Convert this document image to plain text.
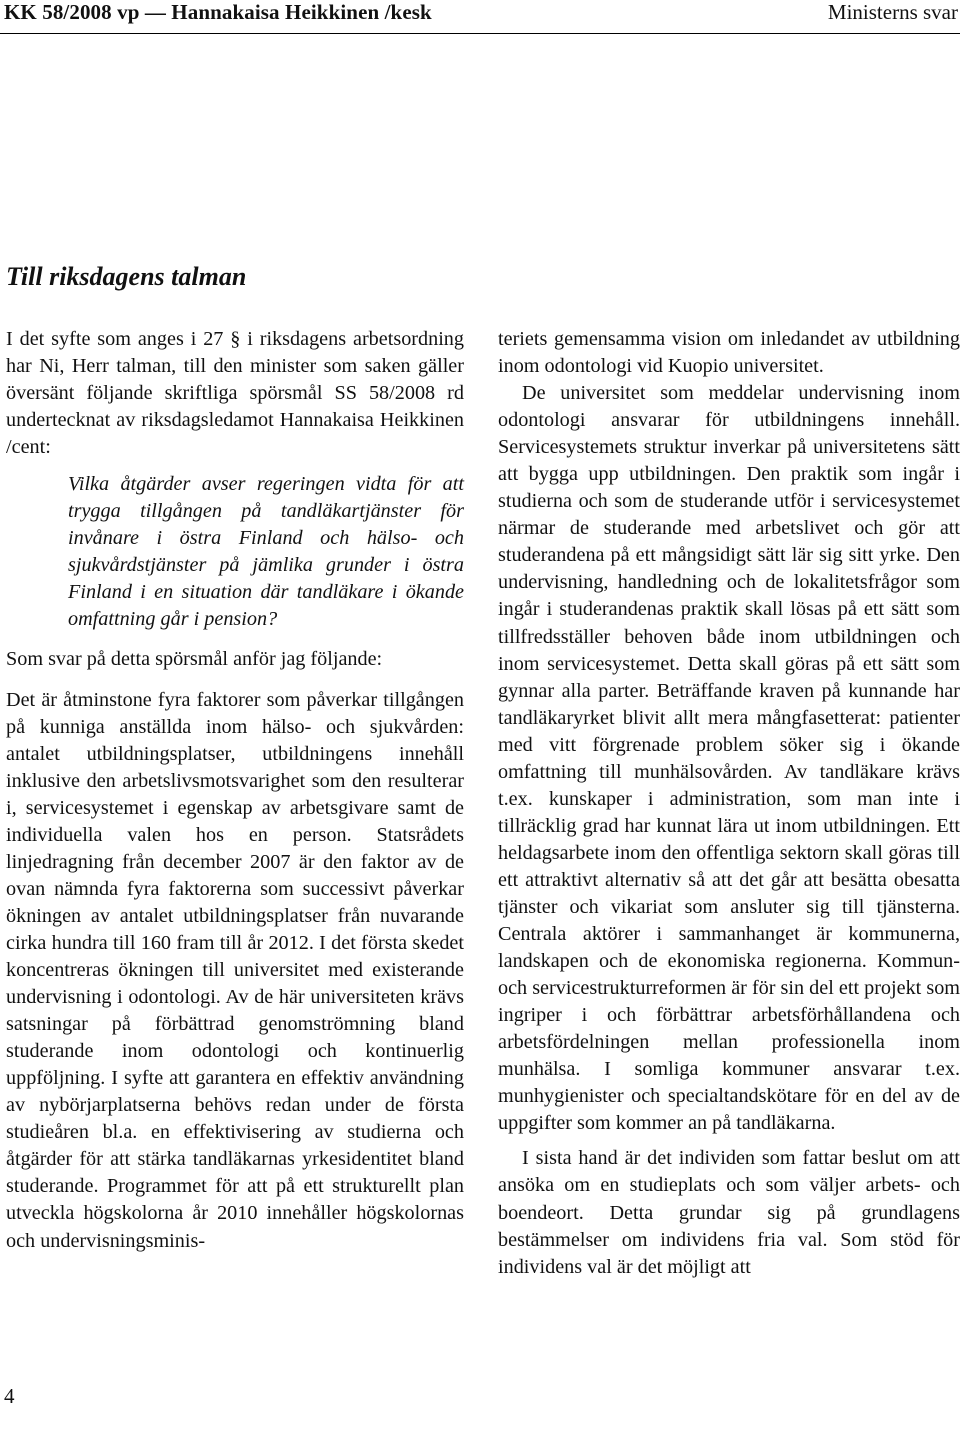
KK 58/2008 vp — Hannakaisa Heikkinen /kesk	Ministerns svar
Till riksdagens talman

I det syfte som anges i 27 § i riksdagens arbetsordning har Ni, Herr talman, till den minister som saken gäller översänt följande skriftliga spörsmål SS 58/2008 rd undertecknat av riksdagsledamot Hannakaisa Heikkinen /cent:

Vilka åtgärder avser regeringen vidta för att trygga tillgången på tandläkartjänster för invånare i östra Finland och hälso- och sjukvårdstjänster på jämlika grunder i östra Finland i en situation där tandläkare i ökande omfattning går i pension?

Som svar på detta spörsmål anför jag följande:

Det är åtminstone fyra faktorer som påverkar tillgången på kunniga anställda inom hälso- och sjukvården: antalet utbildningsplatser, utbildningens innehåll inklusive den arbetslivsmotsvarighet som den resulterar i, servicesystemet i egenskap av arbetsgivare samt de individuella valen hos en person. Statsrådets linjedragning från december 2007 är den faktor av de ovan nämnda fyra faktorerna som successivt påverkar ökningen av antalet utbildningsplatser från nuvarande cirka hundra till 160 fram till år 2012. I det första skedet koncentreras ökningen till universitet med existerande undervisning i odontologi. Av de här universiteten krävs satsningar på förbättrad genomströmning bland studerande inom odontologi och kontinuerlig uppföljning. I syfte att garantera en effektiv användning av nybörjarplatserna behövs redan under de första studieåren bl.a. en effektivisering av studierna och åtgärder för att stärka tandläkarnas yrkesidentitet bland studerande. Programmet för att på ett strukturellt plan utveckla högskolorna år 2010 innehåller högskolornas och undervisningsminis-

teriets gemensamma vision om inledandet av utbildning inom odontologi vid Kuopio universitet.

De universitet som meddelar undervisning inom odontologi ansvarar för utbildningens innehåll. Servicesystemets struktur inverkar på universitetens sätt att bygga upp utbildningen. Den praktik som ingår i studierna och som de studerande utför i servicesystemet närmar de studerande med arbetslivet och gör att studerandena på ett mångsidigt sätt lär sig sitt yrke. Den undervisning, handledning och de lokalitetsfrågor som ingår i studerandenas praktik skall lösas på ett sätt som tillfredsställer behoven både inom utbildningen och inom servicesystemet. Detta skall göras på ett sätt som gynnar alla parter. Beträffande kraven på kunnande har tandläkaryrket blivit allt mera mångfasetterat: patienter med vitt förgrenade problem söker sig i ökande omfattning till munhälsovården. Av tandläkare krävs t.ex. kunskaper i administration, som man inte i tillräcklig grad har kunnat lära ut inom utbildningen. Ett heldagsarbete inom den offentliga sektorn skall göras till ett attraktivt alternativ så att det går att besätta obesatta tjänster och vikariat som ansluter sig till tjänsterna. Centrala aktörer i sammanhanget är kommunerna, landskapen och de ekonomiska regionerna. Kommun- och servicestrukturreformen är för sin del ett projekt som ingriper i och förbättrar arbetsförhållandena och arbetsfördelningen mellan professionella inom munhälsa. I somliga kommuner ansvarar t.ex. munhygienister och specialtandskötare för en del av de uppgifter som kommer an på tandläkarna.

I sista hand är det individen som fattar beslut om att ansöka om en studieplats och som väljer arbets- och boendeort. Detta grundar sig på grundlagens bestämmelser om individens fria val. Som stöd för individens val är det möjligt att

4
